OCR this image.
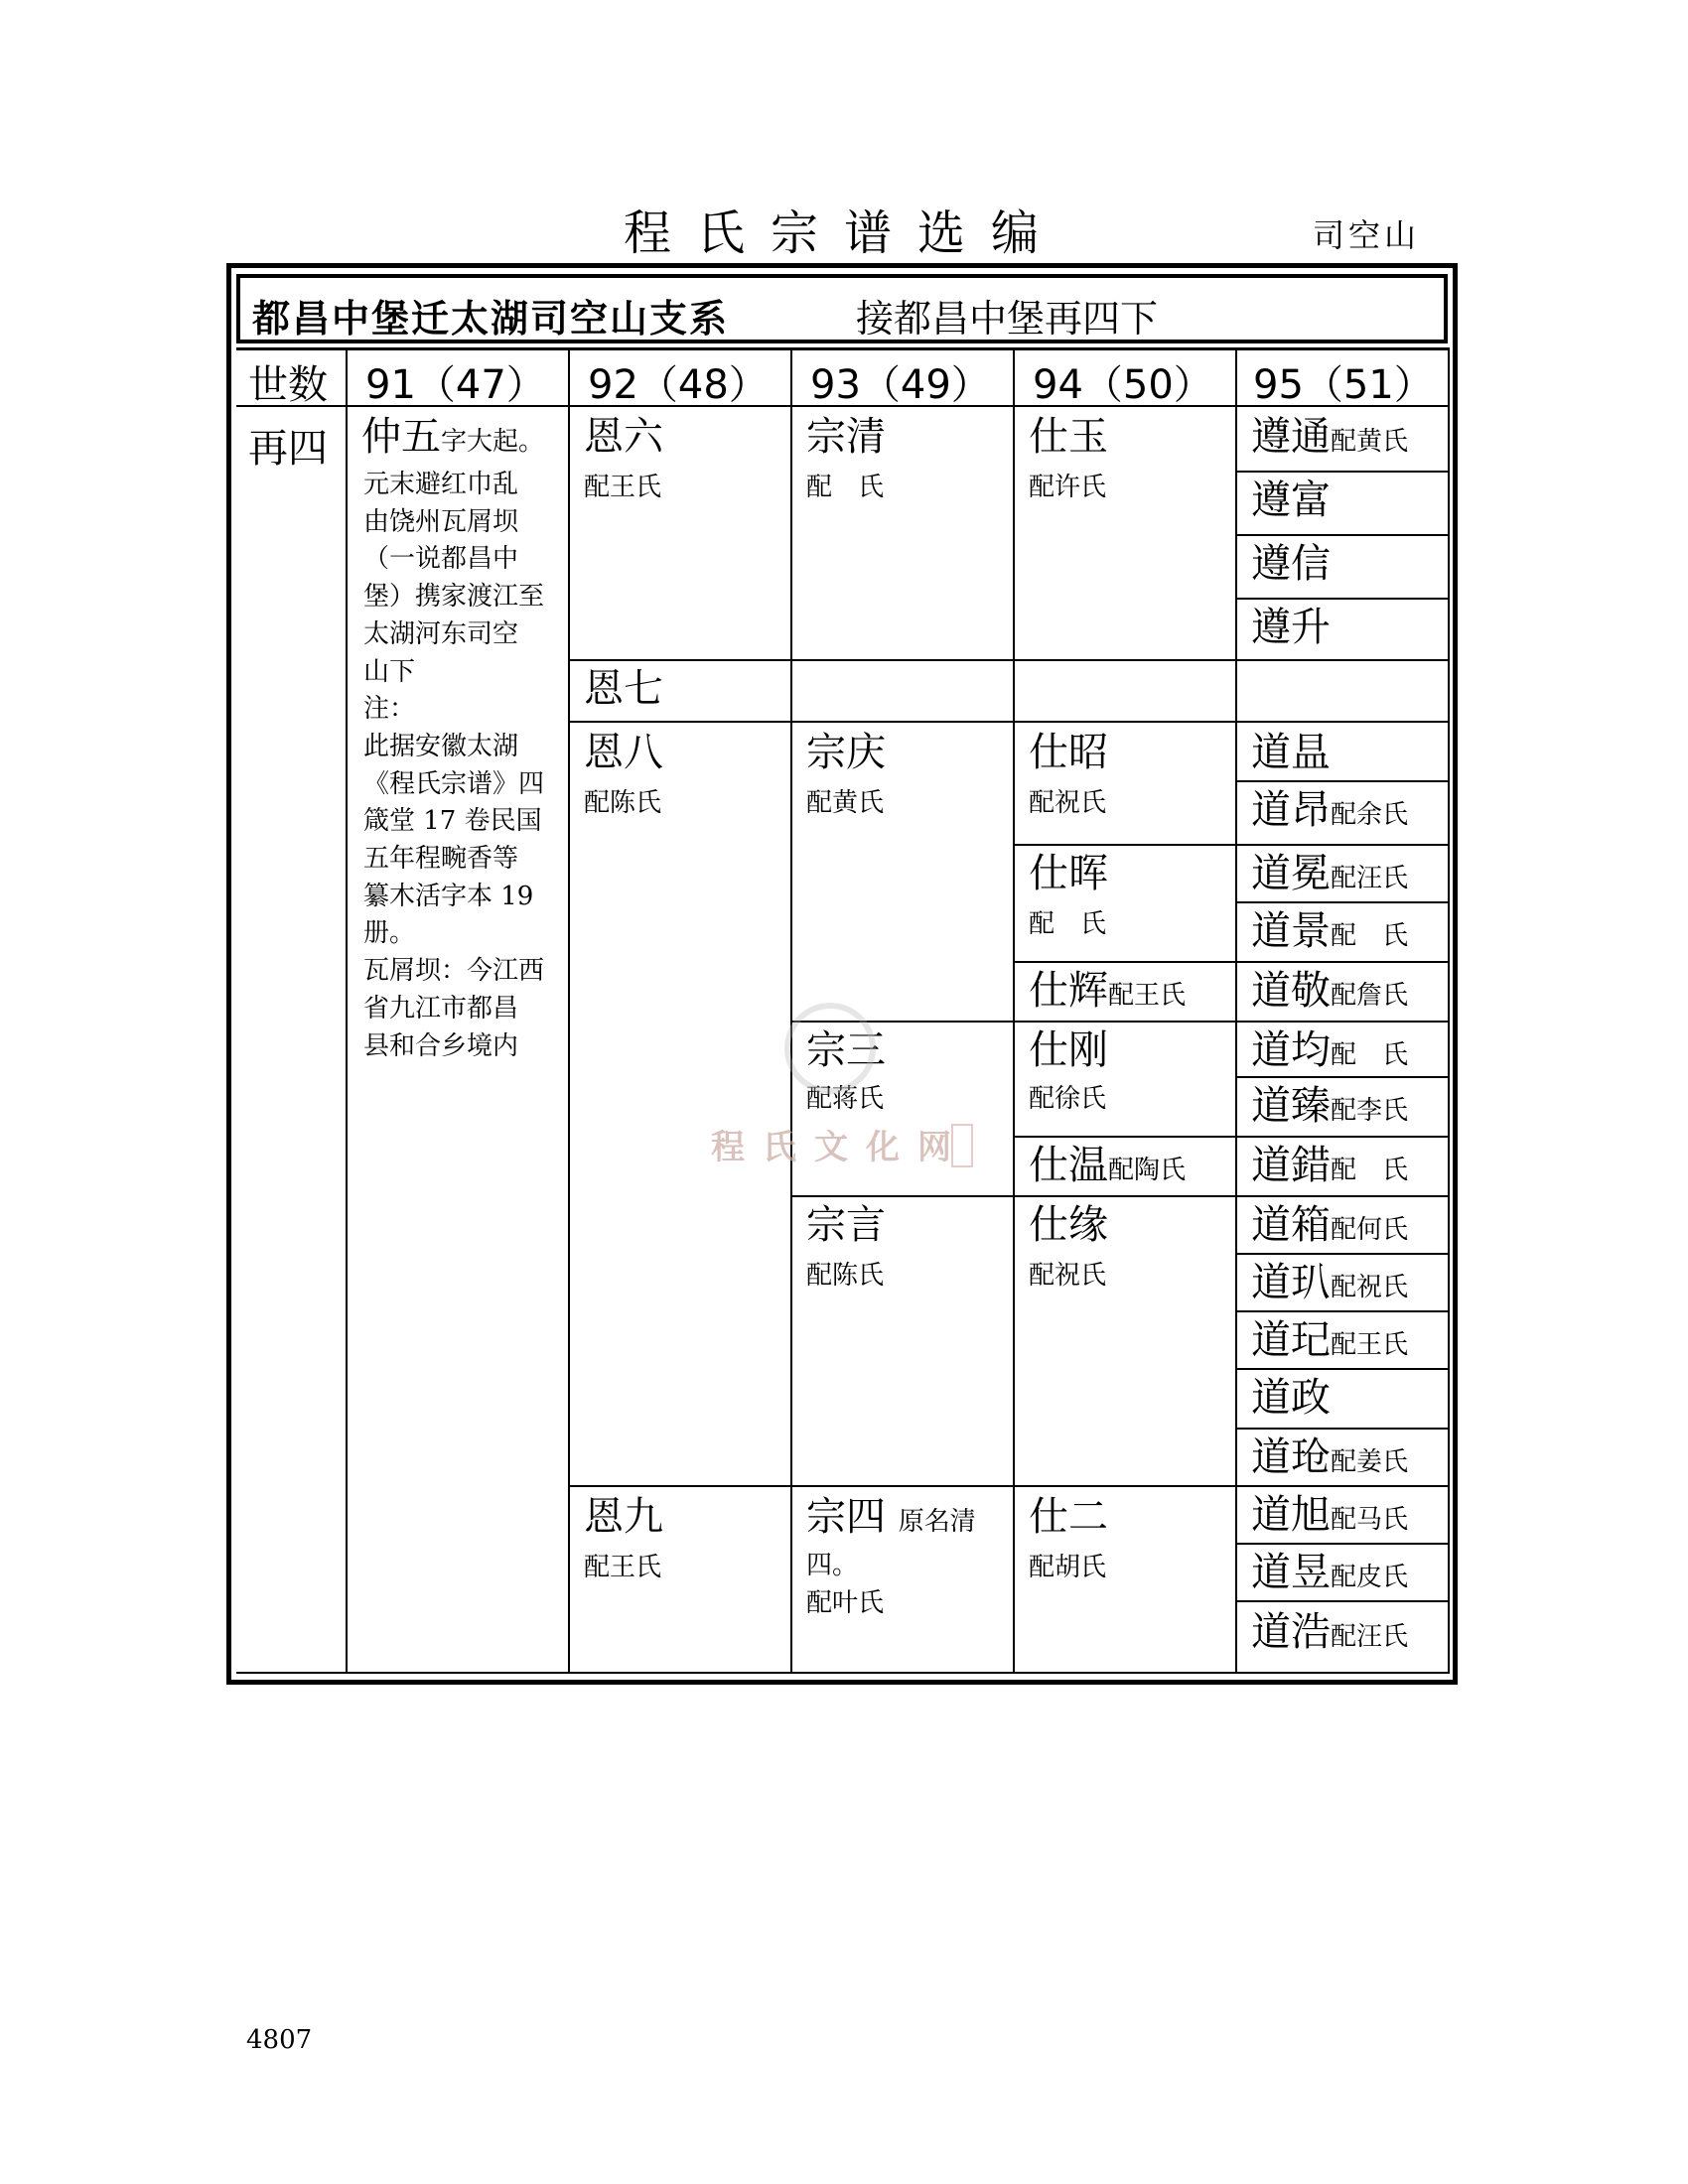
程氏宗谱选编	司空山
都昌中堡迁太湖司空山支系	接都昌中堡再四下
世数 91（47） 92（48） 93（49） 94（50） 95（51）
再四 仲五字大起。
元末避红巾乱
由饶州瓦屑坝
（一说都昌中
堡）携家渡江至
太湖河东司空
山下
注：
此据安徽太湖
《程氏宗谱》四
箴堂 17 卷民国
五年程畹香等
纂木活字本 19
册。
瓦屑坝：今江西
省九江市都昌
县和合乡境内
恩六
配王氏
恩七
恩八
配陈氏
恩九
配王氏
宗清
配　氏
宗庆
配黄氏
宗三
配蒋氏
宗言
配陈氏
宗四 原名清
四。
配叶氏
仕玉
配许氏
仕昭
配祝氏
仕晖
配　氏
仕辉配王氏
仕刚
配徐氏
仕温配陶氏
仕缘
配祝氏
仕二
配胡氏
遵通配黄氏
遵富
遵信
遵升
道昷
道昂配余氏
道冕配汪氏
道景配　氏
道敬配詹氏
道均配　氏
道臻配李氏
道錯配　氏
道箱配何氏
道玐配祝氏
道玘配王氏
道政
道玱配姜氏
道旭配马氏
道昱配皮氏
道浩配汪氏
程氏文化网
4807
